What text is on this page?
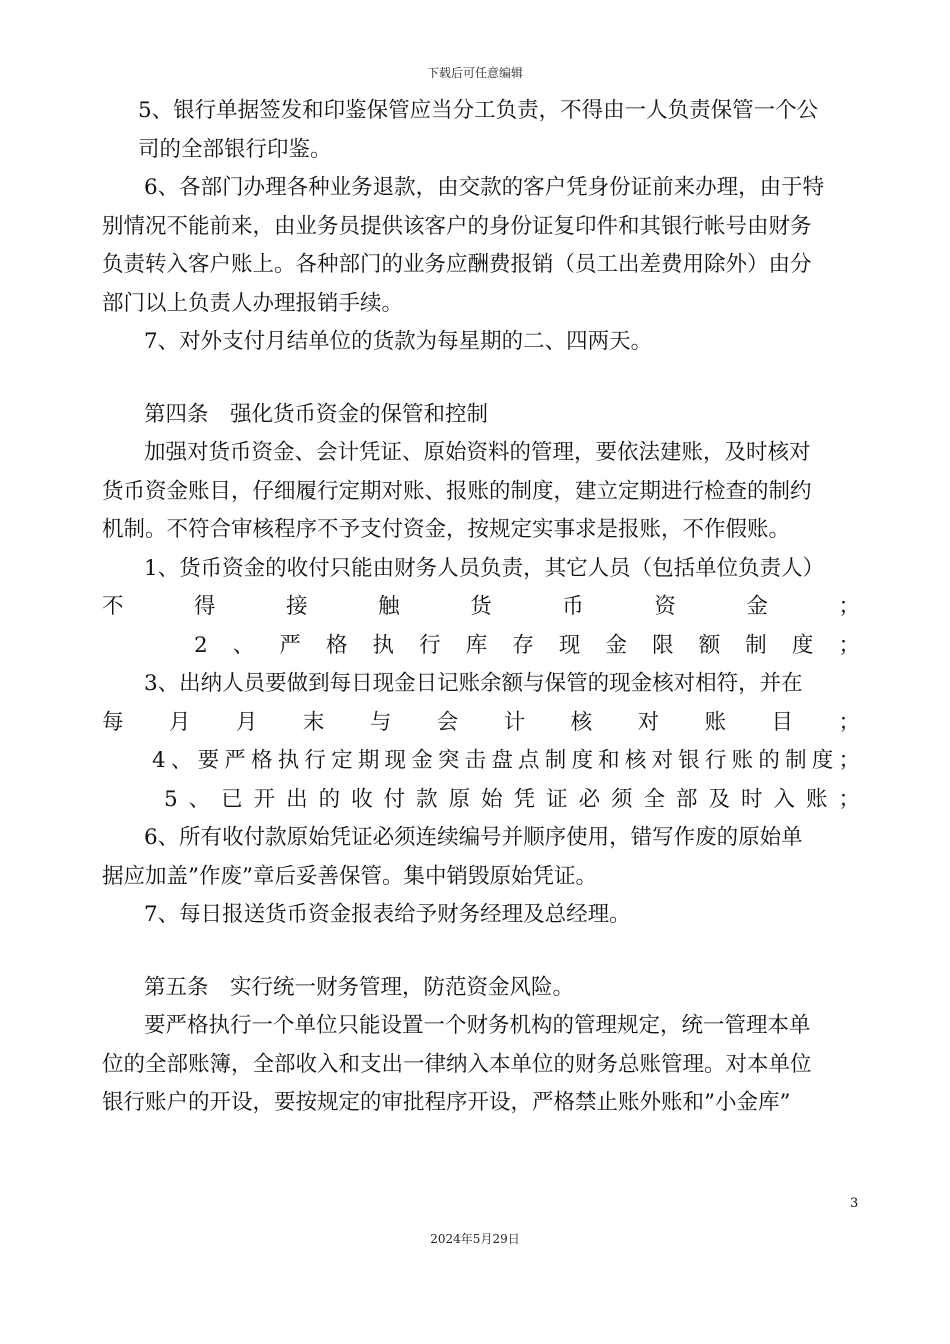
下载后可任意编辑
5、银行单据签发和印鉴保管应当分工负责，不得由一人负责保管一个公
司的全部银行印鉴。
6、各部门办理各种业务退款，由交款的客户凭身份证前来办理，由于特
别情况不能前来，由业务员提供该客户的身份证复印件和其银行帐号由财务
负责转入客户账上。各种部门的业务应酬费报销（员工出差费用除外）由分
部门以上负责人办理报销手续。
7、对外支付月结单位的货款为每星期的二、四两天。
第四条　强化货币资金的保管和控制
加强对货币资金、会计凭证、原始资料的管理，要依法建账，及时核对
货币资金账目，仔细履行定期对账、报账的制度，建立定期进行检查的制约
机制。不符合审核程序不予支付资金，按规定实事求是报账，不作假账。
1、货币资金的收付只能由财务人员负责，其它人员（包括单位负责人）
不得接触货币资金；
2、严格执行库存现金限额制度；
3、出纳人员要做到每日现金日记账余额与保管的现金核对相符，并在
每月月末与会计核对账目；
4、要严格执行定期现金突击盘点制度和核对银行账的制度；
5、已开出的收付款原始凭证必须全部及时入账；
6、所有收付款原始凭证必须连续编号并顺序使用，错写作废的原始单
据应加盖”作废”章后妥善保管。集中销毁原始凭证。
7、每日报送货币资金报表给予财务经理及总经理。
第五条　实行统一财务管理，防范资金风险。
要严格执行一个单位只能设置一个财务机构的管理规定，统一管理本单
位的全部账簿，全部收入和支出一律纳入本单位的财务总账管理。对本单位
银行账户的开设，要按规定的审批程序开设，严格禁止账外账和”小金库”
3
2024年5月29日
